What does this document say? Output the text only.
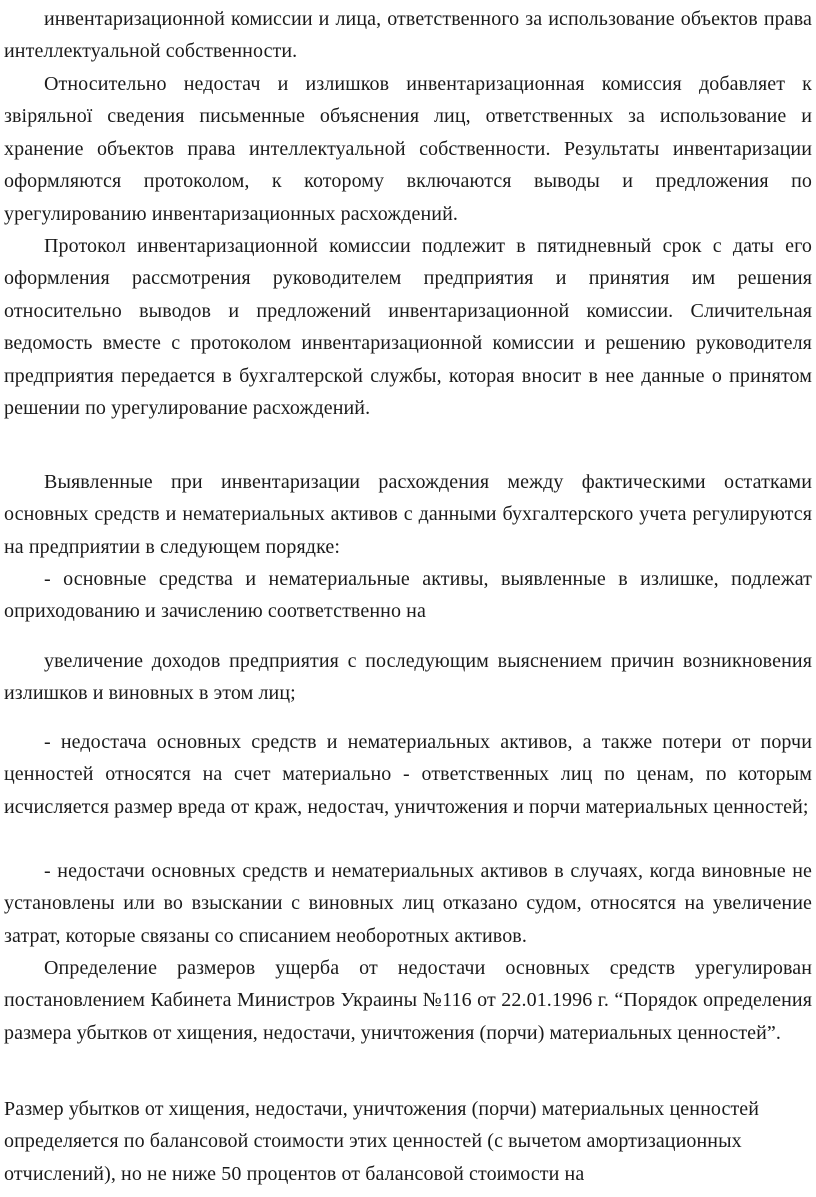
инвентаризационной комиссии и лица, ответственного за использование объектов права интеллектуальной собственности.

Относительно недостач и излишков инвентаризационная комиссия добавляет к звіряльної сведения письменные объяснения лиц, ответственных за использование и хранение объектов права интеллектуальной собственности. Результаты инвентаризации оформляются протоколом, к которому включаются выводы и предложения по урегулированию инвентаризационных расхождений.

Протокол инвентаризационной комиссии подлежит в пятидневный срок с даты его оформления рассмотрения руководителем предприятия и принятия им решения относительно выводов и предложений инвентаризационной комиссии. Сличительная ведомость вместе с протоколом инвентаризационной комиссии и решению руководителя предприятия передается в бухгалтерской службы, которая вносит в нее данные о принятом решении по урегулирование расхождений.

Выявленные при инвентаризации расхождения между фактическими остатками основных средств и нематериальных активов с данными бухгалтерского учета регулируются на предприятии в следующем порядке:

- основные средства и нематериальные активы, выявленные в излишке, подлежат оприходованию и зачислению соответственно на

увеличение доходов предприятия с последующим выяснением причин возникновения излишков и виновных в этом лиц;

- недостача основных средств и нематериальных активов, а также потери от порчи ценностей относятся на счет материально - ответственных лиц по ценам, по которым исчисляется размер вреда от краж, недостач, уничтожения и порчи материальных ценностей;

- недостачи основных средств и нематериальных активов в случаях, когда виновные не установлены или во взыскании с виновных лиц отказано судом, относятся на увеличение затрат, которые связаны со списанием необоротных активов.

Определение размеров ущерба от недостачи основных средств урегулирован постановлением Кабинета Министров Украины №116 от 22.01.1996 г. “Порядок определения размера убытков от хищения, недостачи, уничтожения (порчи) материальных ценностей”.

Размер убытков от хищения, недостачи, уничтожения (порчи) материальных ценностей определяется по балансовой стоимости этих ценностей (с вычетом амортизационных отчислений), но не ниже 50 процентов от балансовой стоимости на
